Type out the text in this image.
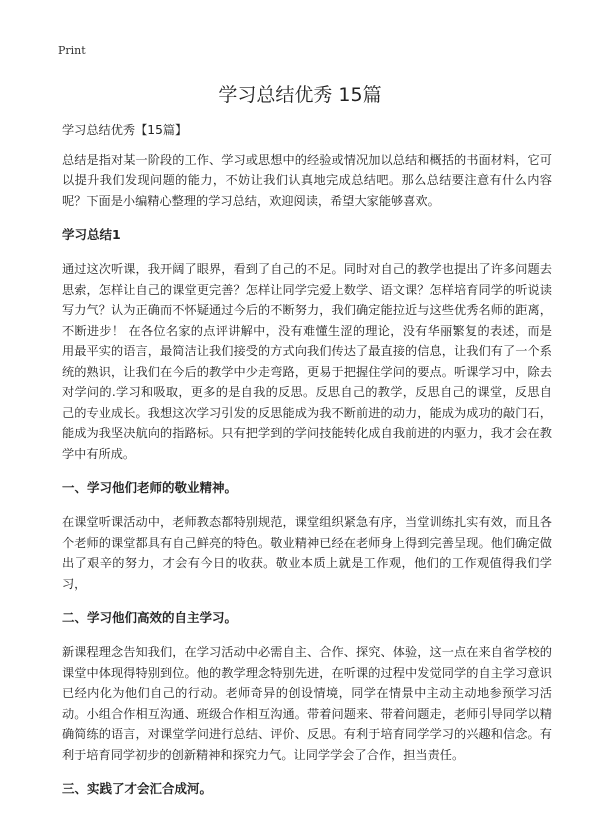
Print
学习总结优秀 15篇

学习总结优秀【15篇】

总结是指对某一阶段的工作、学习或思想中的经验或情况加以总结和概括的书面材料，它可以提升我们发现问题的能力，不妨让我们认真地完成总结吧。那么总结要注意有什么内容呢？下面是小编精心整理的学习总结，欢迎阅读，希望大家能够喜欢。

学习总结1

通过这次听课，我开阔了眼界，看到了自己的不足。同时对自己的教学也提出了许多问题去思索，怎样让自己的课堂更完善？怎样让同学完爱上数学、语文课？怎样培育同学的听说读写力气？认为正确而不怀疑通过今后的不断努力，我们确定能拉近与这些优秀名师的距离，不断进步！ 在各位名家的点评讲解中，没有难懂生涩的理论，没有华丽繁复的表述，而是用最平实的语言，最简洁让我们接受的方式向我们传达了最直接的信息，让我们有了一个系统的熟识，让我们在今后的教学中少走弯路，更易于把握住学问的要点。听课学习中，除去对学问的.学习和吸取，更多的是自我的反思。反思自己的教学，反思自己的课堂，反思自己的专业成长。我想这次学习引发的反思能成为我不断前进的动力，能成为成功的敲门石，能成为我坚决航向的指路标。只有把学到的学问技能转化成自我前进的内驱力，我才会在教学中有所成。

一、学习他们老师的敬业精神。

在课堂听课活动中，老师教态都特别规范，课堂组织紧急有序，当堂训练扎实有效，而且各个老师的课堂都具有自己鲜亮的特色。敬业精神已经在老师身上得到完善呈现。他们确定做出了艰辛的努力，才会有今日的收获。敬业本质上就是工作观，他们的工作观值得我们学习，

二、学习他们高效的自主学习。

新课程理念告知我们，在学习活动中必需自主、合作、探究、体验，这一点在来自省学校的课堂中体现得特别到位。他的教学理念特别先进，在听课的过程中发觉同学的自主学习意识已经内化为他们自己的行动。老师奇异的创设情境，同学在情景中主动主动地参预学习活动。小组合作相互沟通、班级合作相互沟通。带着问题来、带着问题走，老师引导同学以精确简练的语言，对课堂学问进行总结、评价、反思。有利于培育同学学习的兴趣和信念。有利于培育同学初步的创新精神和探究力气。让同学学会了合作，担当责任。

三、实践了才会汇合成河。
